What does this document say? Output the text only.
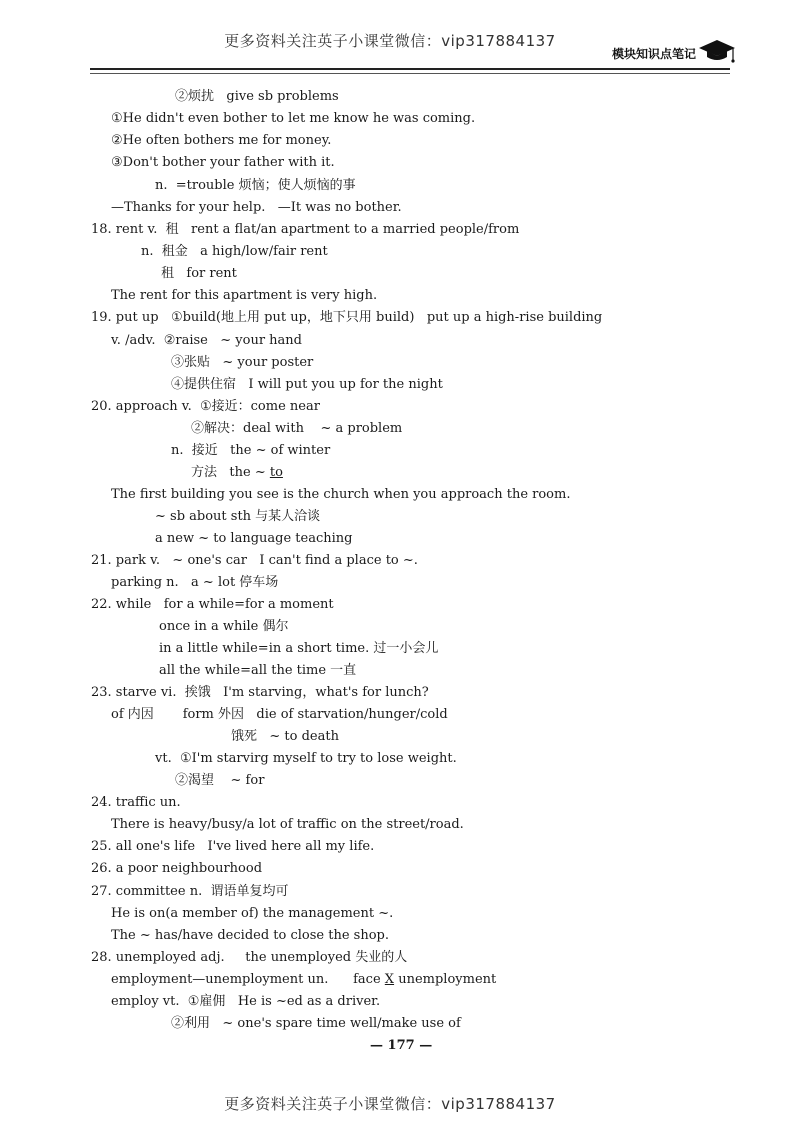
更多资料关注英子小课堂微信：vip317884137
模块知识点笔记
②烦扰   give sb problems
①He didn't even bother to let me know he was coming.
②He often bothers me for money.
③Don't bother your father with it.
n.  =trouble 烦恼；使人烦恼的事
—Thanks for your help.   —It was no bother.
18. rent v.  租   rent a flat/an apartment to a married people/from
n.  租金   a high/low/fair rent
租   for rent
The rent for this apartment is very high.
19. put up   ①build(地上用 put up，地下只用 build)   put up a high-rise building
v. /adv.  ②raise   ~ your hand
③张贴   ~ your poster
④提供住宿   I will put you up for the night
20. approach v.  ①接近：come near
②解决：deal with    ~ a problem
n.  接近   the ~ of winter
方法   the ~ to
The first building you see is the church when you approach the room.
~ sb about sth 与某人洽谈
a new ~ to language teaching
21. park v.   ~ one's car   I can't find a place to ~.
parking n.   a ~ lot 停车场
22. while   for a while=for a moment
once in a while 偶尔
in a little while=in a short time. 过一小会儿
all the while=all the time 一直
23. starve vi.  挨饿   I'm starving，what's for lunch?
of 内因       form 外因   die of starvation/hunger/cold
饿死   ~ to death
vt.  ①I'm starvirg myself to try to lose weight.
②渴望    ~ for
24. traffic un.
There is heavy/busy/a lot of traffic on the street/road.
25. all one's life   I've lived here all my life.
26. a poor neighbourhood
27. committee n.  谓语单复均可
He is on(a member of) the management ~.
The ~ has/have decided to close the shop.
28. unemployed adj.     the unemployed 失业的人
employment—unemployment un.      face X unemployment
employ vt.  ①雇佣   He is ~ed as a driver.
②利用   ~ one's spare time well/make use of
— 177 —
更多资料关注英子小课堂微信：vip317884137
